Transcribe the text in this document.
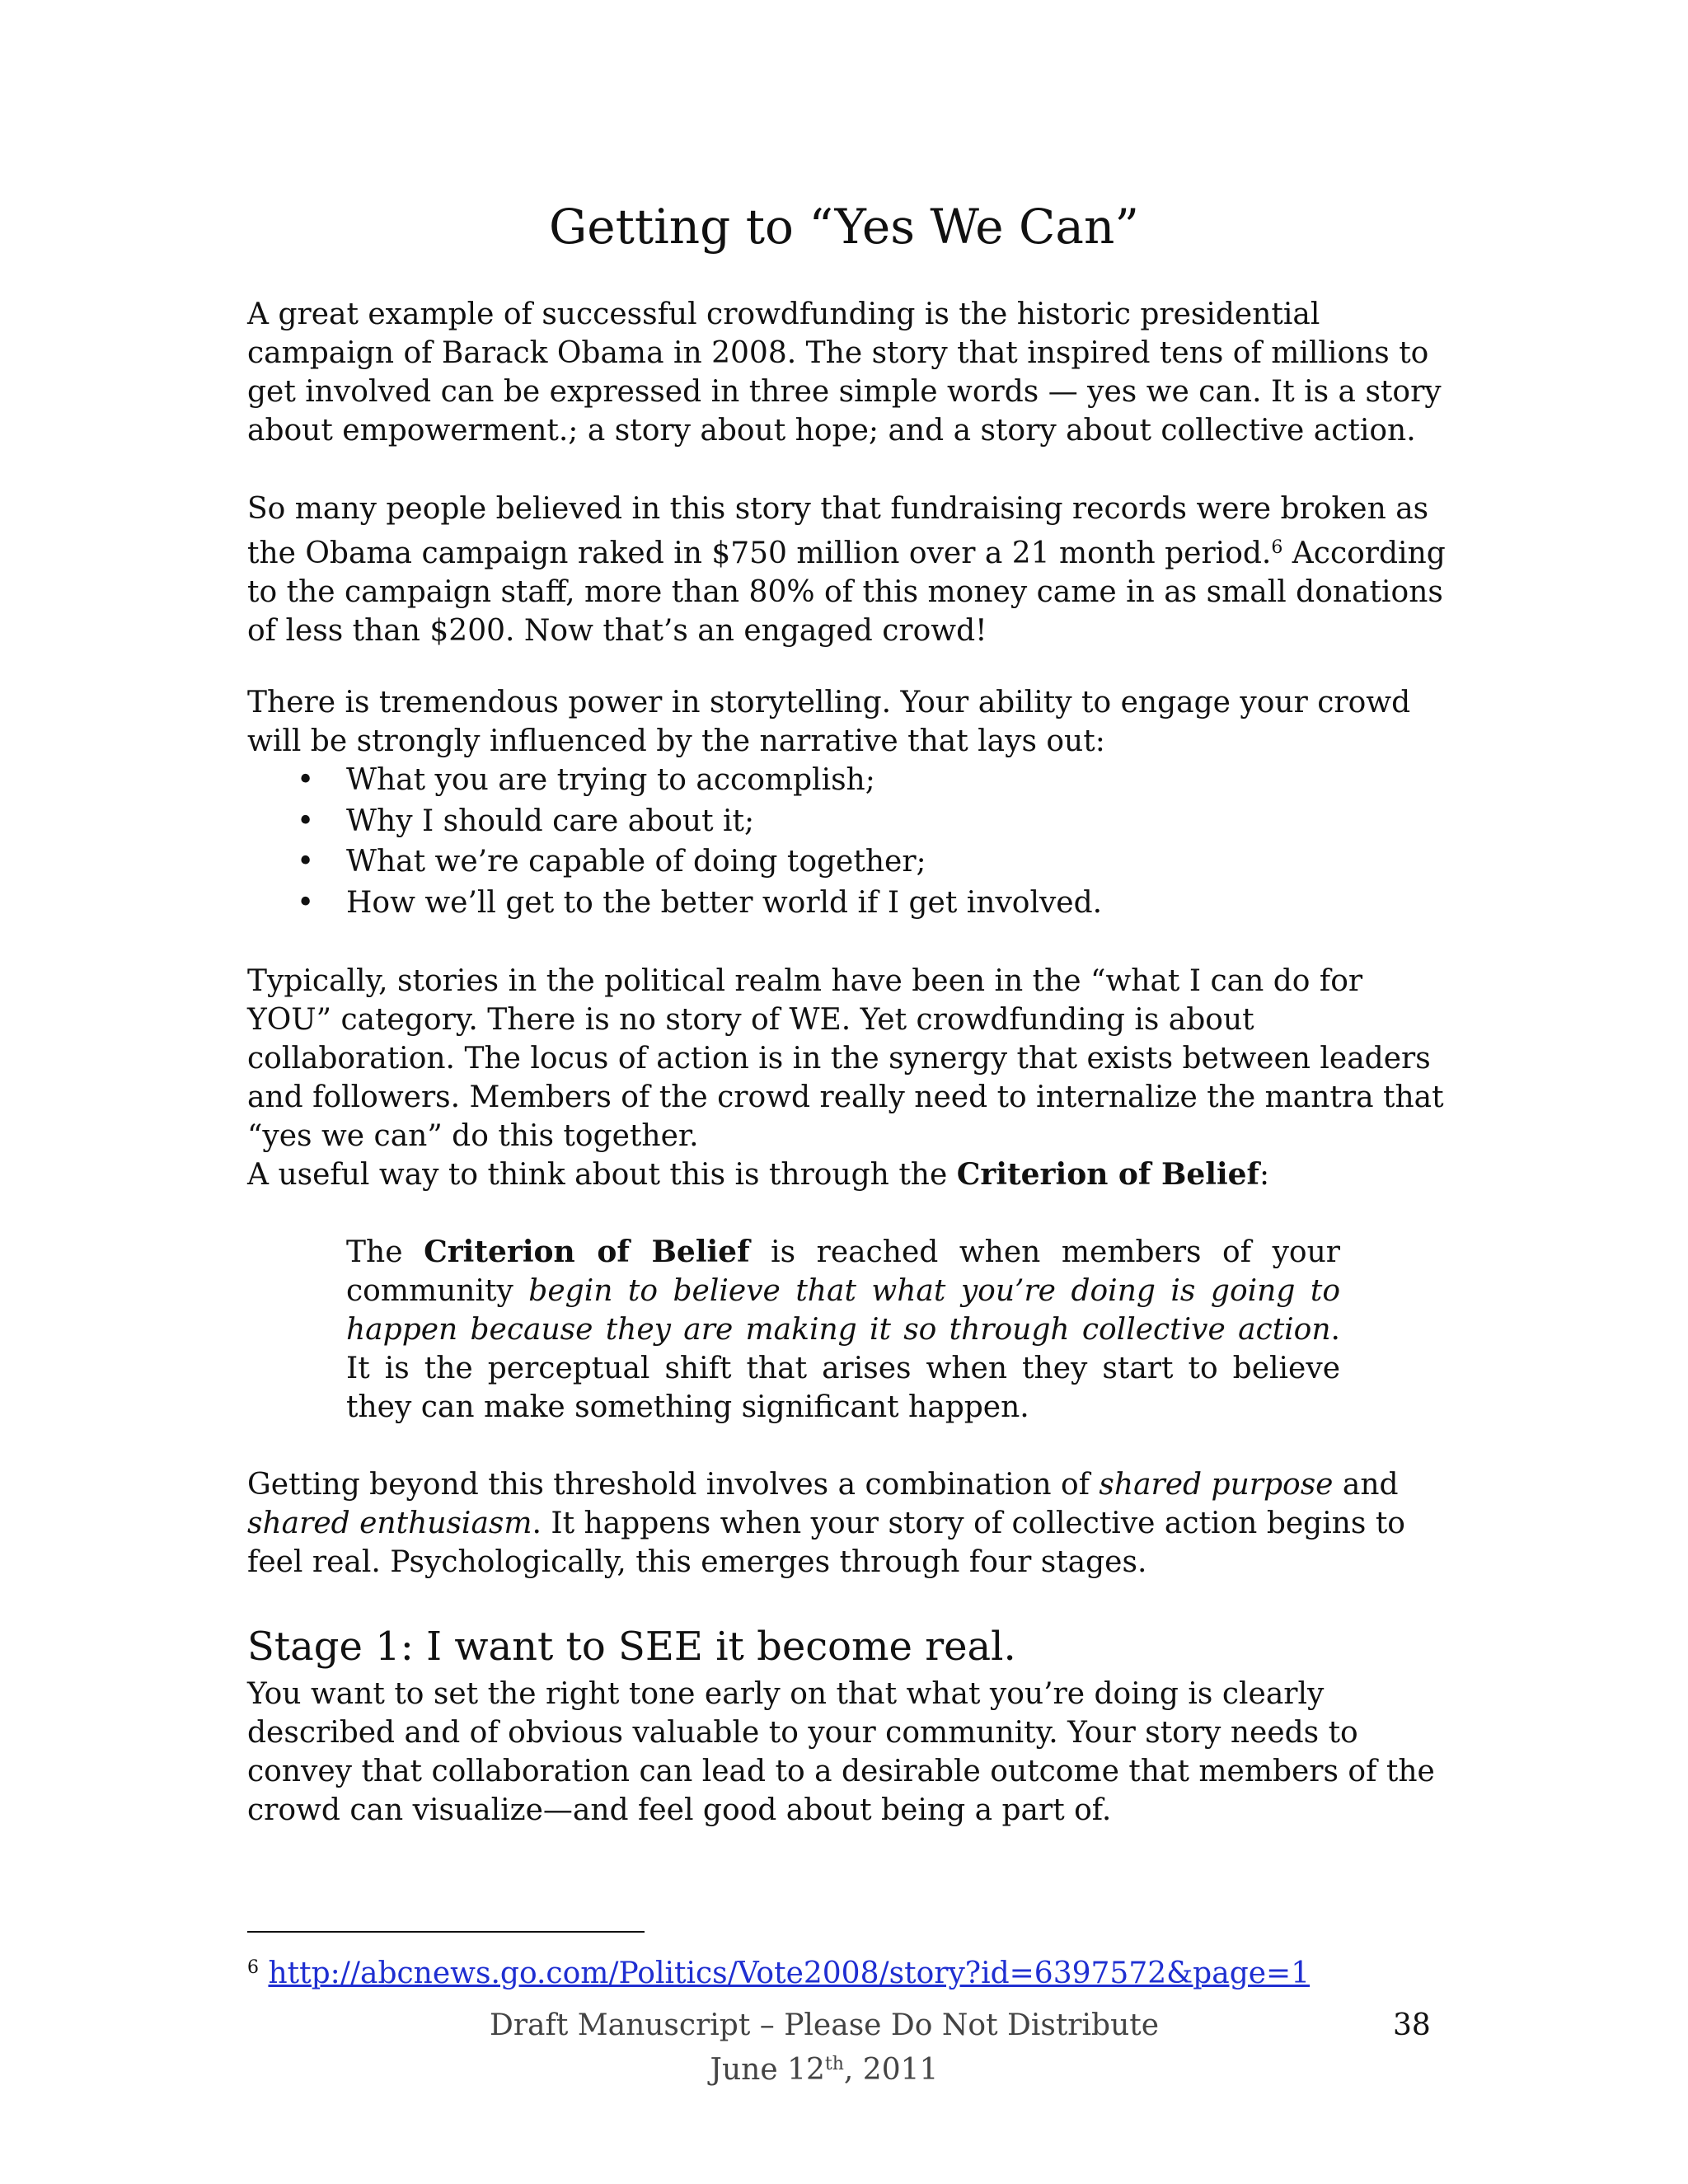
Getting to “Yes We Can”

A great example of successful crowdfunding is the historic presidential campaign of Barack Obama in 2008. The story that inspired tens of millions to get involved can be expressed in three simple words — yes we can. It is a story about empowerment.; a story about hope; and a story about collective action.

So many people believed in this story that fundraising records were broken as the Obama campaign raked in $750 million over a 21 month period.$^6$ According to the campaign staff, more than 80% of this money came in as small donations of less than $200. Now that’s an engaged crowd!

There is tremendous power in storytelling. Your ability to engage your crowd will be strongly influenced by the narrative that lays out:

• What you are trying to accomplish;
• Why I should care about it;
• What we’re capable of doing together;
• How we’ll get to the better world if I get involved.

Typically, stories in the political realm have been in the “what I can do for YOU” category. There is no story of WE. Yet crowdfunding is about collaboration. The locus of action is in the synergy that exists between leaders and followers. Members of the crowd really need to internalize the mantra that “yes we can” do this together.

A useful way to think about this is through the Criterion of Belief:

The Criterion of Belief is reached when members of your community begin to believe that what you’re doing is going to happen because they are making it so through collective action. It is the perceptual shift that arises when they start to believe they can make something significant happen.

Getting beyond this threshold involves a combination of shared purpose and shared enthusiasm. It happens when your story of collective action begins to feel real. Psychologically, this emerges through four stages.

Stage 1: I want to SEE it become real.

You want to set the right tone early on that what you’re doing is clearly described and of obvious valuable to your community. Your story needs to convey that collaboration can lead to a desirable outcome that members of the crowd can visualize—and feel good about being a part of.

$^6$ http://abcnews.go.com/Politics/Vote2008/story?id=6397572&page=1
Draft Manuscript – Please Do Not Distribute
June 12th, 2011
38
